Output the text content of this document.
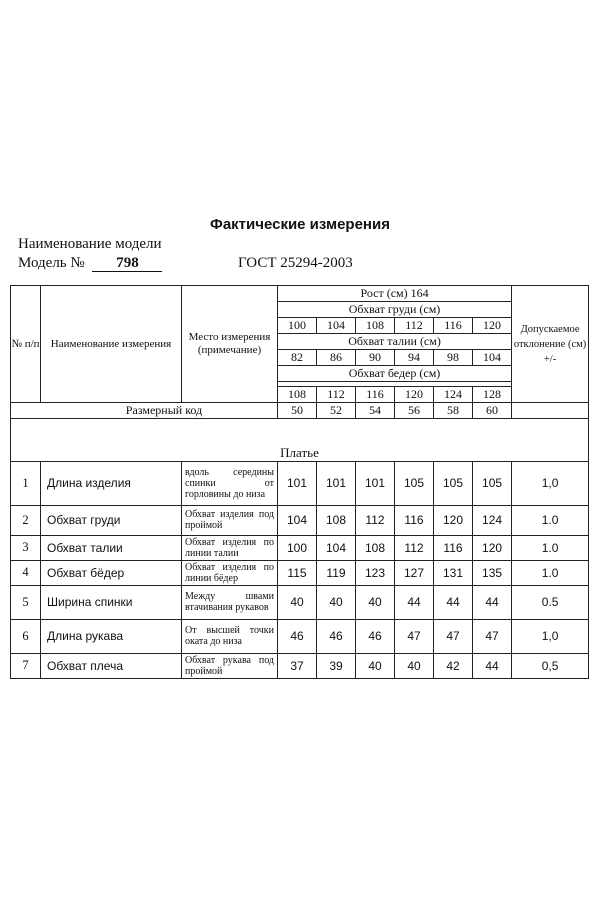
Фактические измерения
Наименование модели
Модель № 798	ГОСТ 25294-2003
№ п/п	Наименование измерения	Место измерения (примечание)	Рост (см) 164						Допускаемое отклонение (см) +/-
			Обхват груди (см)						
			100	104	108	112	116	120	
			Обхват талии (см)						
			82	86	90	94	98	104	
			Обхват бедер (см)						

			108	112	116	120	124	128	
Размерный код			50	52	54	56	58	60	

Платье									
1	Длина изделия	вдоль середины спинки от горловины до низа	101	101	101	105	105	105	1,0
2	Обхват груди	Обхват изделия под проймой	104	108	112	116	120	124	1.0
3	Обхват талии	Обхват изделия по линии талии	100	104	108	112	116	120	1.0
4	Обхват бёдер	Обхват изделия по линии бёдер	115	119	123	127	131	135	1.0
5	Ширина спинки	Между швами втачивания рукавов	40	40	40	44	44	44	0.5
6	Длина рукава	От высшей точки оката до низа	46	46	46	47	47	47	1,0
7	Обхват плеча	Обхват рукава под проймой	37	39	40	40	42	44	0,5
